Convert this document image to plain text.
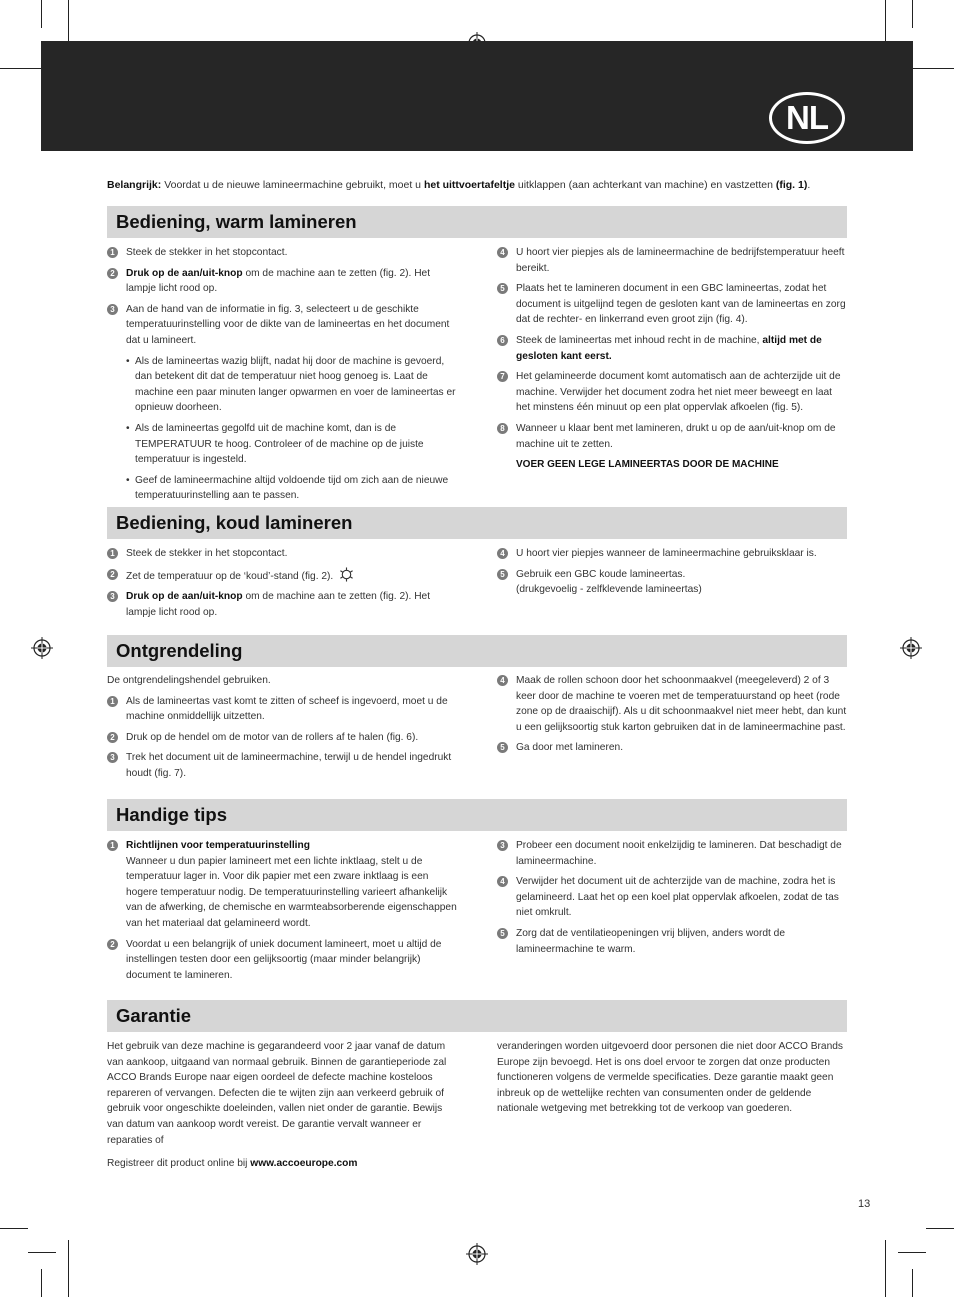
NL
Belangrijk: Voordat u de nieuwe lamineermachine gebruikt, moet u het uittvoertafeltje uitklappen (aan achterkant van machine) en vastzetten (fig. 1).
Bediening, warm lamineren
1	Steek de stekker in het stopcontact.
2	Druk op de aan/uit-knop om de machine aan te zetten (fig. 2). Het lampje licht rood op.
3	Aan de hand van de informatie in fig. 3, selecteert u de geschikte temperatuurinstelling voor de dikte van de lamineertas en het document dat u lamineert.
• Als de lamineertas wazig blijft, nadat hij door de machine is gevoerd, dan betekent dit dat de temperatuur niet hoog genoeg is. Laat de machine een paar minuten langer opwarmen en voer de lamineertas er opnieuw doorheen.
• Als de lamineertas gegolfd uit de machine komt, dan is de TEMPERATUUR te hoog. Controleer of de machine op de juiste temperatuur is ingesteld.
• Geef de lamineermachine altijd voldoende tijd om zich aan de nieuwe temperatuurinstelling aan te passen.
4	U hoort vier piepjes als de lamineermachine de bedrijfstemperatuur heeft bereikt.
5	Plaats het te lamineren document in een GBC lamineertas, zodat het document is uitgelijnd tegen de gesloten kant van de lamineertas en zorg dat de rechter- en linkerrand even groot zijn (fig. 4).
6	Steek de lamineertas met inhoud recht in de machine, altijd met de gesloten kant eerst.
7	Het gelamineerde document komt automatisch aan de achterzijde uit de machine. Verwijder het document zodra het niet meer beweegt en laat het minstens één minuut op een plat oppervlak afkoelen (fig. 5).
8	Wanneer u klaar bent met lamineren, drukt u op de aan/uit-knop om de machine uit te zetten.
VOER GEEN LEGE LAMINEERTAS DOOR DE MACHINE
Bediening, koud lamineren
1	Steek de stekker in het stopcontact.
2	Zet de temperatuur op de ‘koud’-stand (fig. 2).
3	Druk op de aan/uit-knop om de machine aan te zetten (fig. 2). Het lampje licht rood op.
4	U hoort vier piepjes wanneer de lamineermachine gebruiksklaar is.
5	Gebruik een GBC koude lamineertas.
(drukgevoelig - zelfklevende lamineertas)
Ontgrendeling
De ontgrendelingshendel gebruiken.
1	Als de lamineertas vast komt te zitten of scheef is ingevoerd, moet u de machine onmiddellijk uitzetten.
2	Druk op de hendel om de motor van de rollers af te halen (fig. 6).
3	Trek het document uit de lamineermachine, terwijl u de hendel ingedrukt houdt (fig. 7).
4	Maak de rollen schoon door het schoonmaakvel (meegeleverd) 2 of 3 keer door de machine te voeren met de temperatuurstand op heet (rode zone op de draaischijf). Als u dit schoonmaakvel niet meer hebt, dan kunt u een gelijksoortig stuk karton gebruiken dat in de lamineermachine past.
5	Ga door met lamineren.
Handige tips
1	Richtlijnen voor temperatuurinstelling
Wanneer u dun papier lamineert met een lichte inktlaag, stelt u de temperatuur lager in. Voor dik papier met een zware inktlaag is een hogere temperatuur nodig. De temperatuurinstelling varieert afhankelijk van de afwerking, de chemische en warmteabsorberende eigenschappen van het materiaal dat gelamineerd wordt.
2	Voordat u een belangrijk of uniek document lamineert, moet u altijd de instellingen testen door een gelijksoortig (maar minder belangrijk) document te lamineren.
3	Probeer een document nooit enkelzijdig te lamineren. Dat beschadigt de lamineermachine.
4	Verwijder het document uit de achterzijde van de machine, zodra het is gelamineerd. Laat het op een koel plat oppervlak afkoelen, zodat de tas niet omkrult.
5	Zorg dat de ventilatieopeningen vrij blijven, anders wordt de lamineermachine te warm.
Garantie
Het gebruik van deze machine is gegarandeerd voor 2 jaar vanaf de datum van aankoop, uitgaand van normaal gebruik. Binnen de garantieperiode zal ACCO Brands Europe naar eigen oordeel de defecte machine kosteloos repareren of vervangen. Defecten die te wijten zijn aan verkeerd gebruik of gebruik voor ongeschikte doeleinden, vallen niet onder de garantie. Bewijs van datum van aankoop wordt vereist. De garantie vervalt wanneer er reparaties of
Registreer dit product online bij www.accoeurope.com
veranderingen worden uitgevoerd door personen die niet door ACCO Brands Europe zijn bevoegd. Het is ons doel ervoor te zorgen dat onze producten functioneren volgens de vermelde specificaties. Deze garantie maakt geen inbreuk op de wettelijke rechten van consumenten onder de geldende nationale wetgeving met betrekking tot de verkoop van goederen.
13
